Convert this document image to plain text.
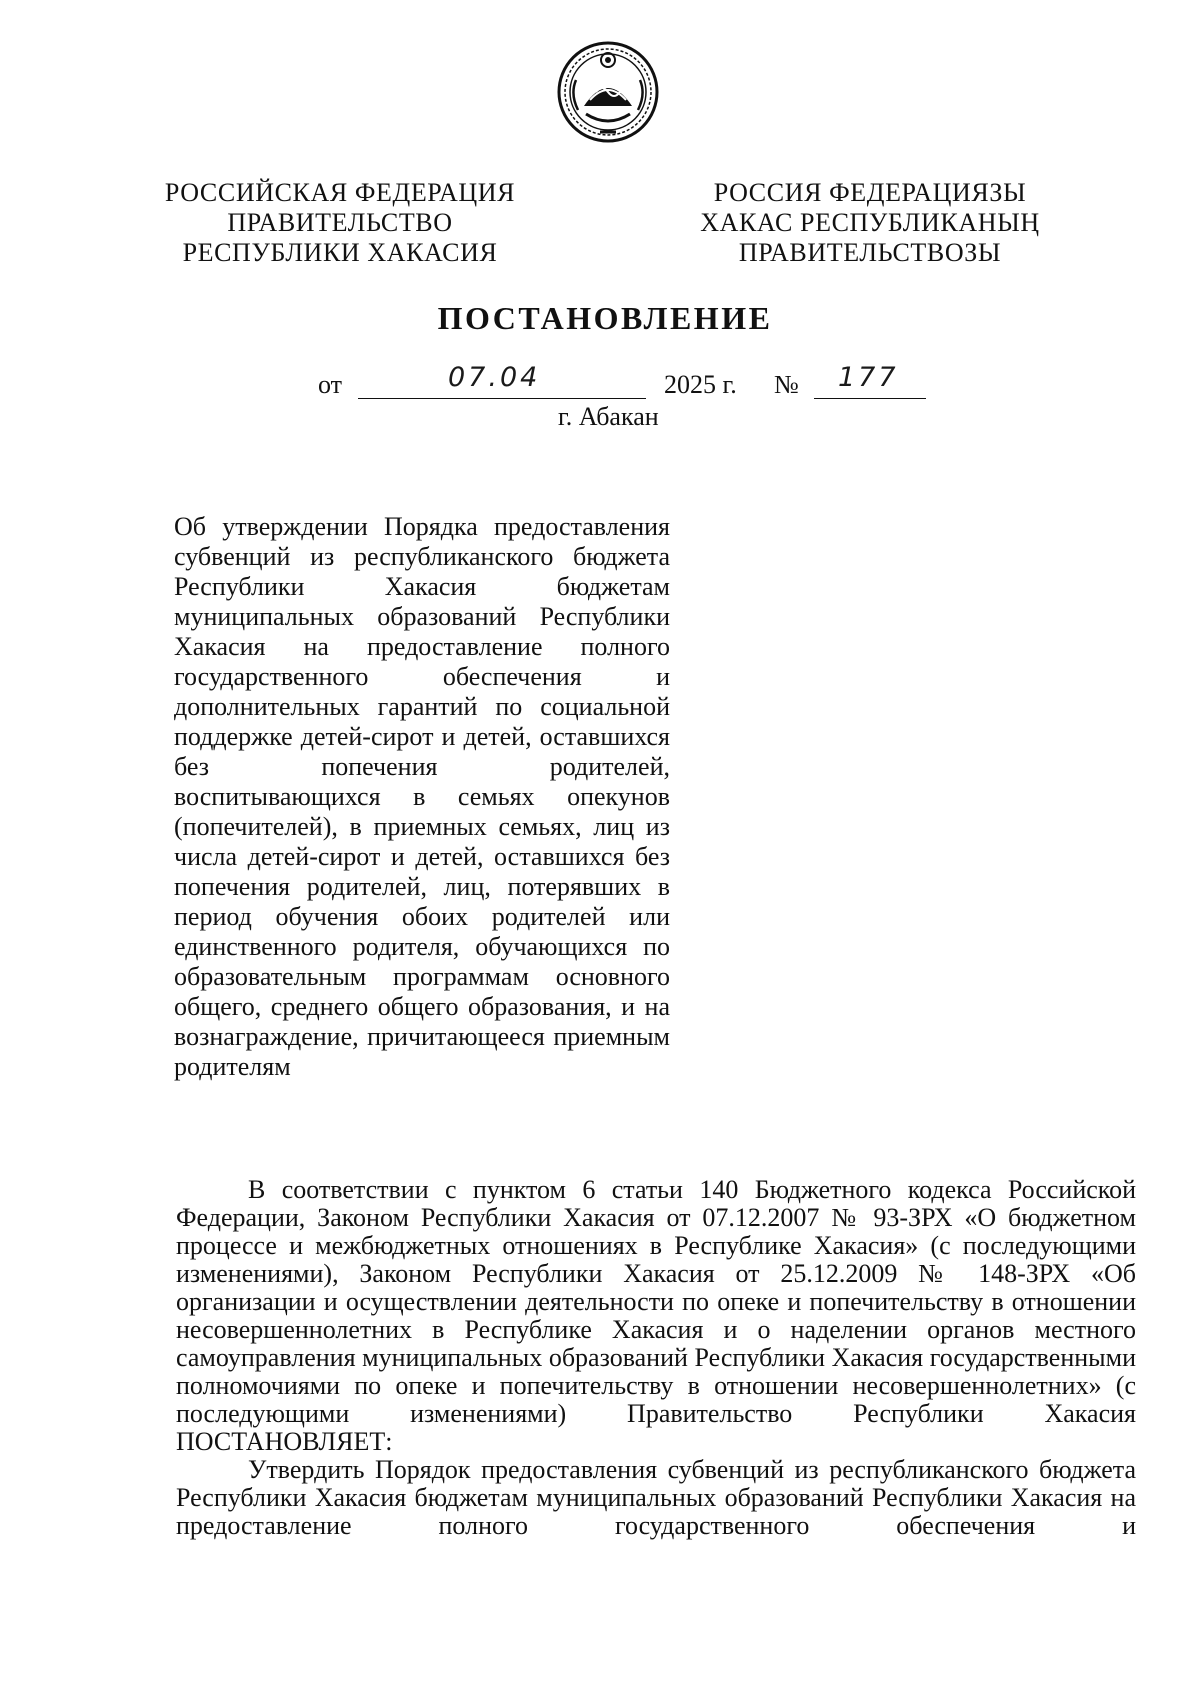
РОССИЙСКАЯ ФЕДЕРАЦИЯ
ПРАВИТЕЛЬСТВО
РЕСПУБЛИКИ ХАКАСИЯ
РОССИЯ ФЕДЕРАЦИЯЗЫ
ХАКАС РЕСПУБЛИКАНЫҢ
ПРАВИТЕЛЬСТВОЗЫ
ПОСТАНОВЛЕНИЕ
от	07.04	2025 г. № 177
г. Абакан
Об утверждении Порядка предоставления субвенций из республиканского бюджета Республики Хакасия бюджетам муниципальных образований Республики Хакасия на предоставление полного государственного обеспечения и дополнительных гарантий по социальной поддержке детей-сирот и детей, оставшихся без попечения родителей, воспитывающихся в семьях опекунов (попечителей), в приемных семьях, лиц из числа детей-сирот и детей, оставшихся без попечения родителей, лиц, потерявших в период обучения обоих родителей или единственного родителя, обучающихся по образовательным программам основного общего, среднего общего образования, и на вознаграждение, причитающееся приемным родителям

В соответствии с пунктом 6 статьи 140 Бюджетного кодекса Российской Федерации, Законом Республики Хакасия от 07.12.2007 № 93-ЗРХ «О бюджетном процессе и межбюджетных отношениях в Республике Хакасия» (с последующими изменениями), Законом Республики Хакасия от 25.12.2009 № 148-ЗРХ «Об организации и осуществлении деятельности по опеке и попечительству в отношении несовершеннолетних в Республике Хакасия и о наделении органов местного самоуправления муниципальных образований Республики Хакасия государственными полномочиями по опеке и попечительству в отношении несовершеннолетних» (с последующими изменениями) Правительство Республики Хакасия ПОСТАНОВЛЯЕТ:

Утвердить Порядок предоставления субвенций из республиканского бюджета Республики Хакасия бюджетам муниципальных образований Республики Хакасия на предоставление полного государственного обеспечения и
